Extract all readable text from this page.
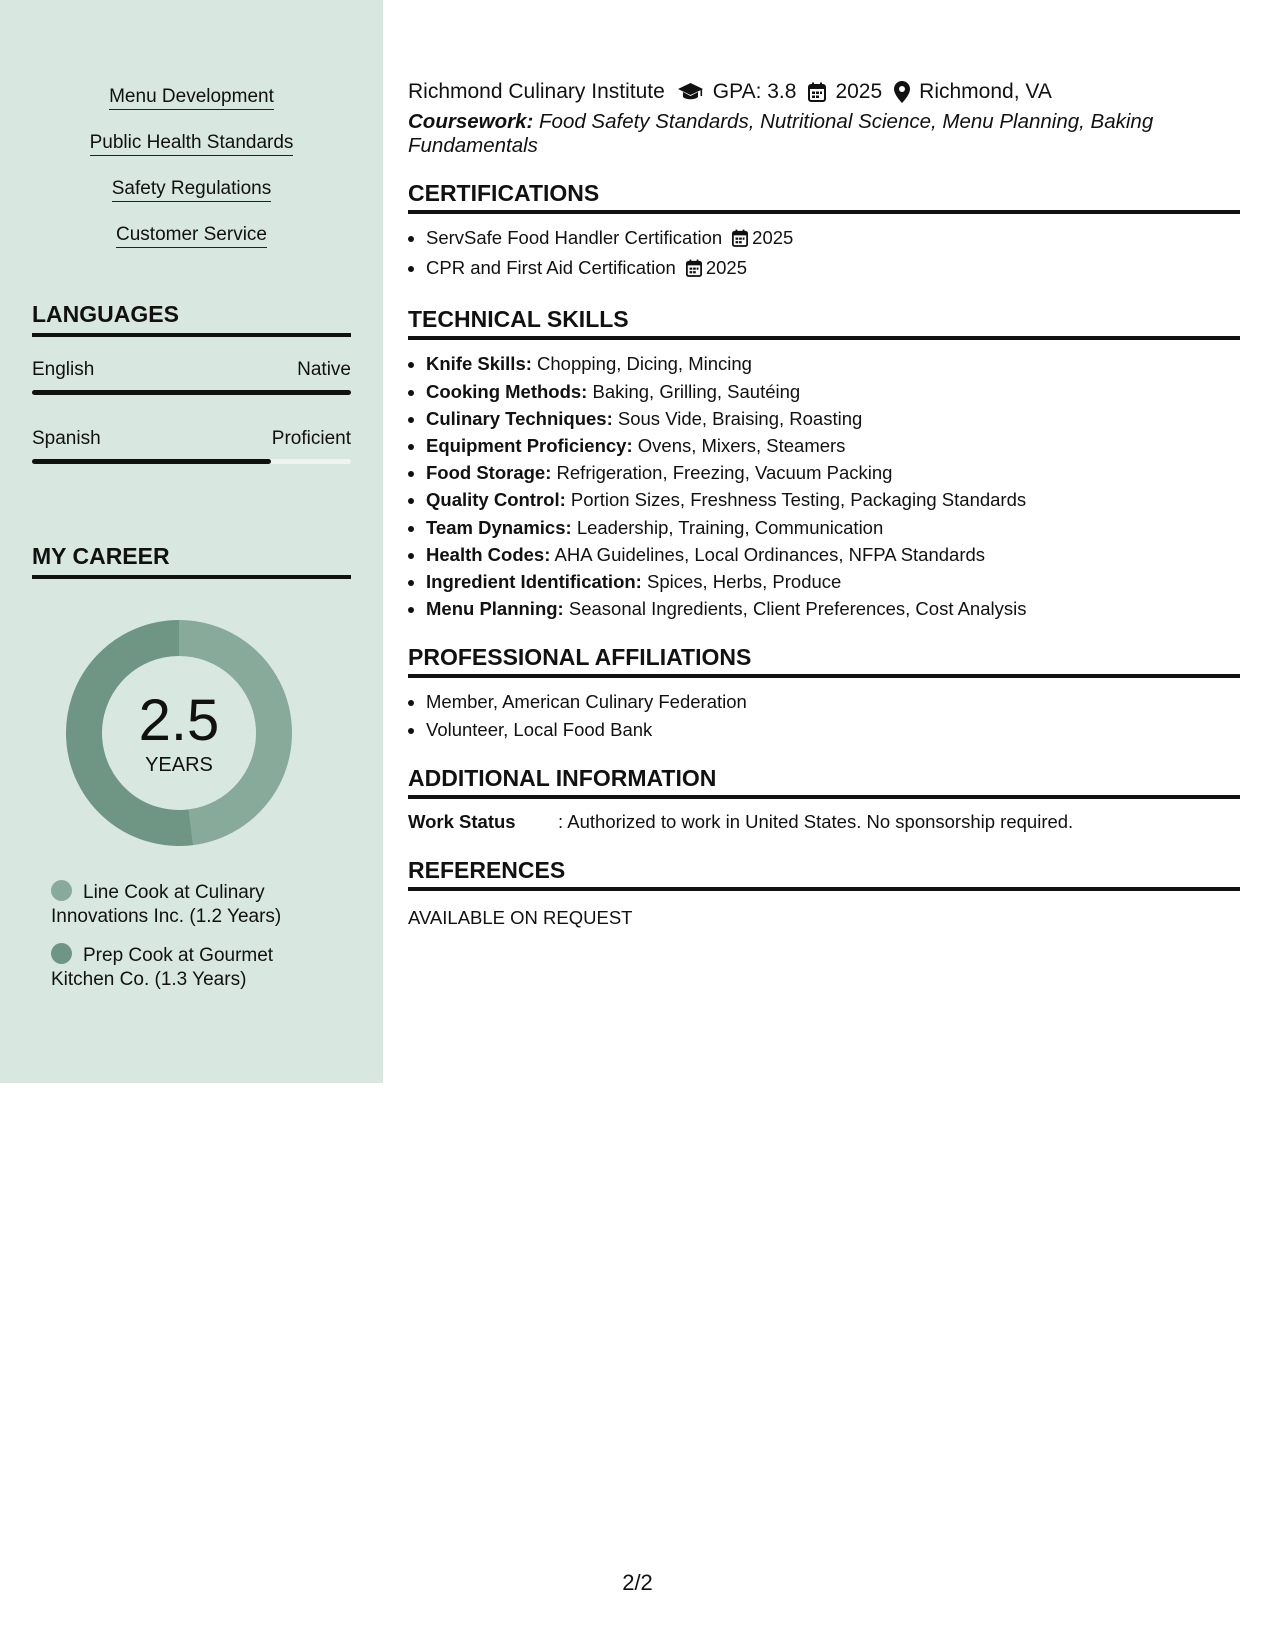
Menu Development
Public Health Standards
Safety Regulations
Customer Service
LANGUAGES
English	Native
Spanish	Proficient
MY CAREER
2.5
YEARS
Line Cook at Culinary Innovations Inc. (1.2 Years)
Prep Cook at Gourmet Kitchen Co. (1.3 Years)
Richmond Culinary Institute GPA: 3.8 2025 Richmond, VA
Coursework: Food Safety Standards, Nutritional Science, Menu Planning, Baking Fundamentals
CERTIFICATIONS
• ServSafe Food Handler Certification 2025
• CPR and First Aid Certification 2025
TECHNICAL SKILLS
• Knife Skills: Chopping, Dicing, Mincing
• Cooking Methods: Baking, Grilling, Sautéing
• Culinary Techniques: Sous Vide, Braising, Roasting
• Equipment Proficiency: Ovens, Mixers, Steamers
• Food Storage: Refrigeration, Freezing, Vacuum Packing
• Quality Control: Portion Sizes, Freshness Testing, Packaging Standards
• Team Dynamics: Leadership, Training, Communication
• Health Codes: AHA Guidelines, Local Ordinances, NFPA Standards
• Ingredient Identification: Spices, Herbs, Produce
• Menu Planning: Seasonal Ingredients, Client Preferences, Cost Analysis
PROFESSIONAL AFFILIATIONS
• Member, American Culinary Federation
• Volunteer, Local Food Bank
ADDITIONAL INFORMATION
Work Status	: Authorized to work in United States. No sponsorship required.
REFERENCES
AVAILABLE ON REQUEST
2/2
